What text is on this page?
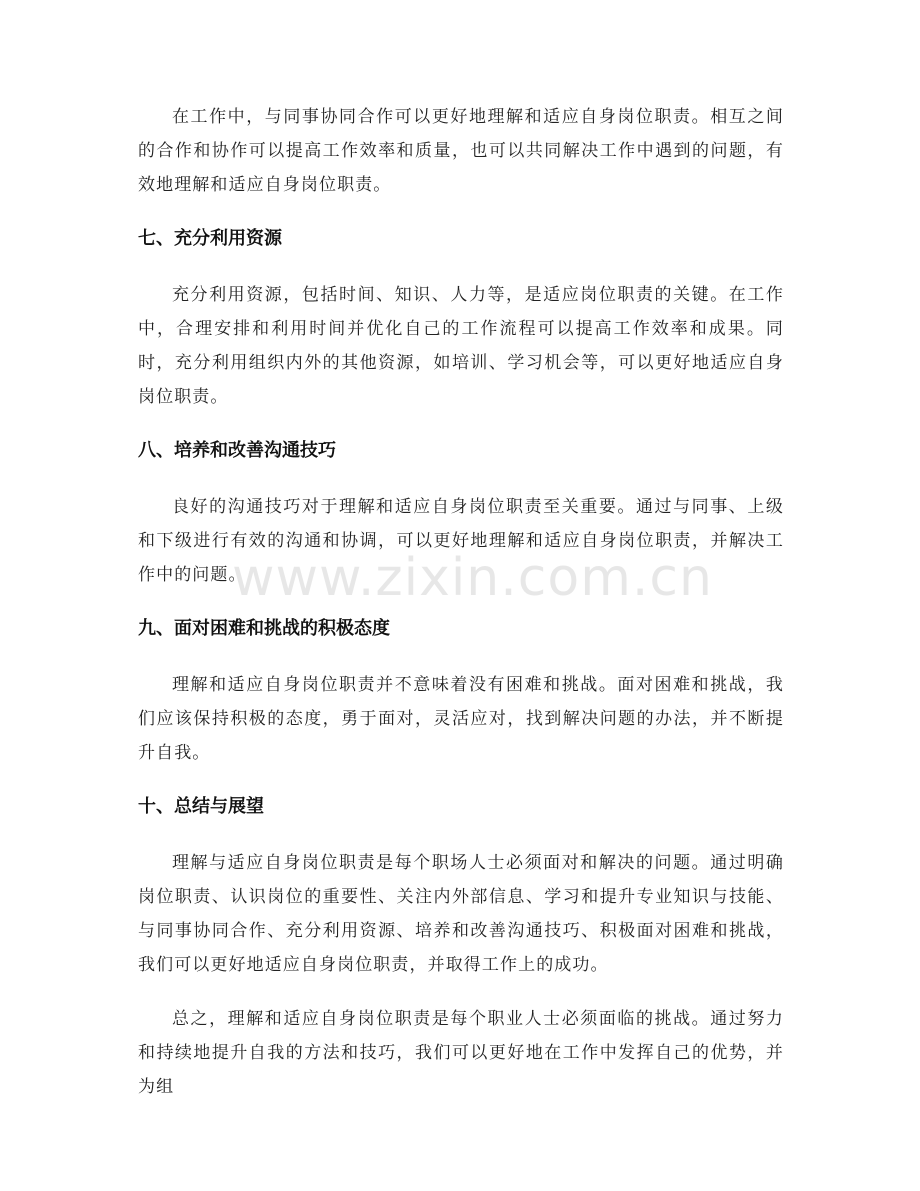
在工作中，与同事协同合作可以更好地理解和适应自身岗位职责。相互之间的合作和协作可以提高工作效率和质量，也可以共同解决工作中遇到的问题，有效地理解和适应自身岗位职责。

七、充分利用资源

充分利用资源，包括时间、知识、人力等，是适应岗位职责的关键。在工作中，合理安排和利用时间并优化自己的工作流程可以提高工作效率和成果。同时，充分利用组织内外的其他资源，如培训、学习机会等，可以更好地适应自身岗位职责。

八、培养和改善沟通技巧

良好的沟通技巧对于理解和适应自身岗位职责至关重要。通过与同事、上级和下级进行有效的沟通和协调，可以更好地理解和适应自身岗位职责，并解决工作中的问题。

九、面对困难和挑战的积极态度

理解和适应自身岗位职责并不意味着没有困难和挑战。面对困难和挑战，我们应该保持积极的态度，勇于面对，灵活应对，找到解决问题的办法，并不断提升自我。

十、总结与展望

理解与适应自身岗位职责是每个职场人士必须面对和解决的问题。通过明确岗位职责、认识岗位的重要性、关注内外部信息、学习和提升专业知识与技能、与同事协同合作、充分利用资源、培养和改善沟通技巧、积极面对困难和挑战，我们可以更好地适应自身岗位职责，并取得工作上的成功。

总之，理解和适应自身岗位职责是每个职业人士必须面临的挑战。通过努力和持续地提升自我的方法和技巧，我们可以更好地在工作中发挥自己的优势，并为组

www.zixin.com.cn
